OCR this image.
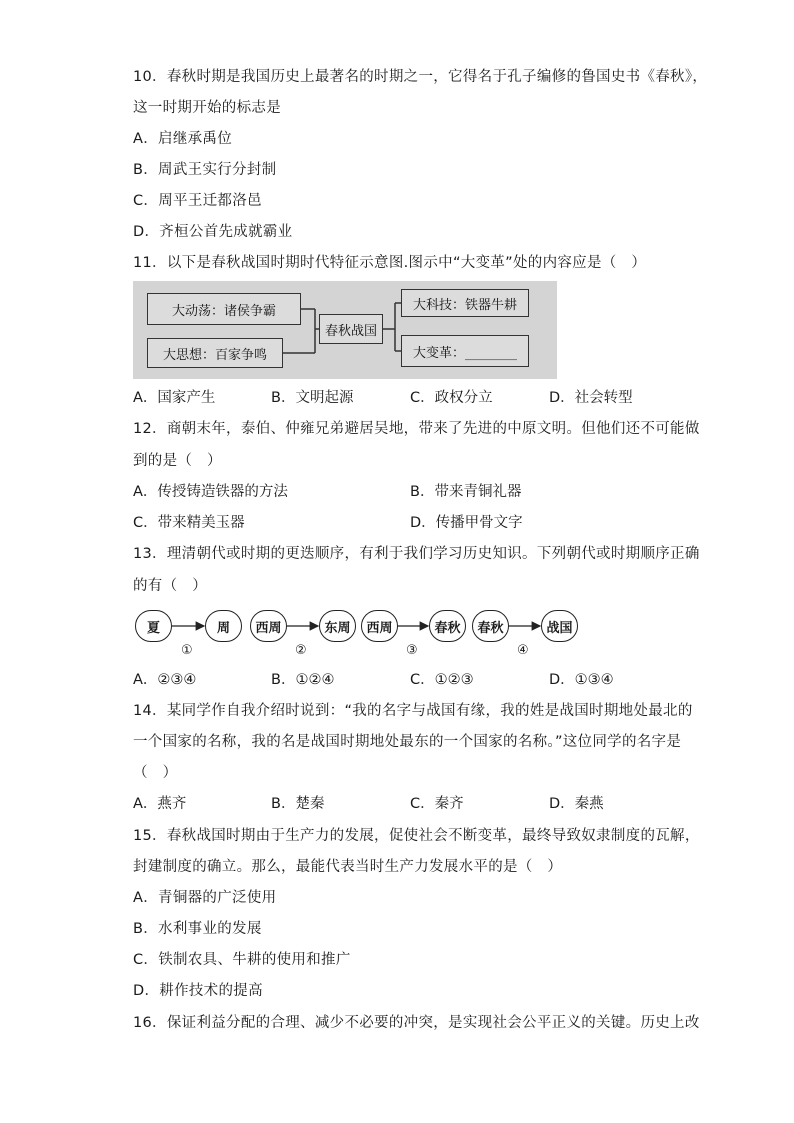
10．春秋时期是我国历史上最著名的时期之一，它得名于孔子编修的鲁国史书《春秋》，
这一时期开始的标志是
A．启继承禹位
B．周武王实行分封制
C．周平王迁都洛邑
D．齐桓公首先成就霸业
11．以下是春秋战国时期时代特征示意图.图示中“大变革”处的内容应是（　）
大动荡：诸侯争霸
大思想：百家争鸣
春秋战国
大科技：铁器牛耕
大变革：________
A．国家产生	B．文明起源	C．政权分立	D．社会转型
12．商朝末年，泰伯、仲雍兄弟避居吴地，带来了先进的中原文明。但他们还不可能做
到的是（　）
A．传授铸造铁器的方法	B．带来青铜礼器
C．带来精美玉器	D．传播甲骨文字
13．理清朝代或时期的更迭顺序，有利于我们学习历史知识。下列朝代或时期顺序正确
的有（　）
夏	周
①
西周	东周
②
西周	春秋
③
春秋	战国
④
A．②③④	B．①②④	C．①②③	D．①③④
14．某同学作自我介绍时说到：“我的名字与战国有缘，我的姓是战国时期地处最北的
一个国家的名称，我的名是战国时期地处最东的一个国家的名称。”这位同学的名字是
（　）
A．燕齐	B．楚秦	C．秦齐	D．秦燕
15．春秋战国时期由于生产力的发展，促使社会不断变革，最终导致奴隶制度的瓦解，
封建制度的确立。那么，最能代表当时生产力发展水平的是（　）
A．青铜器的广泛使用
B．水利事业的发展
C．铁制农具、牛耕的使用和推广
D．耕作技术的提高
16．保证利益分配的合理、减少不必要的冲突，是实现社会公平正义的关键。历史上改
